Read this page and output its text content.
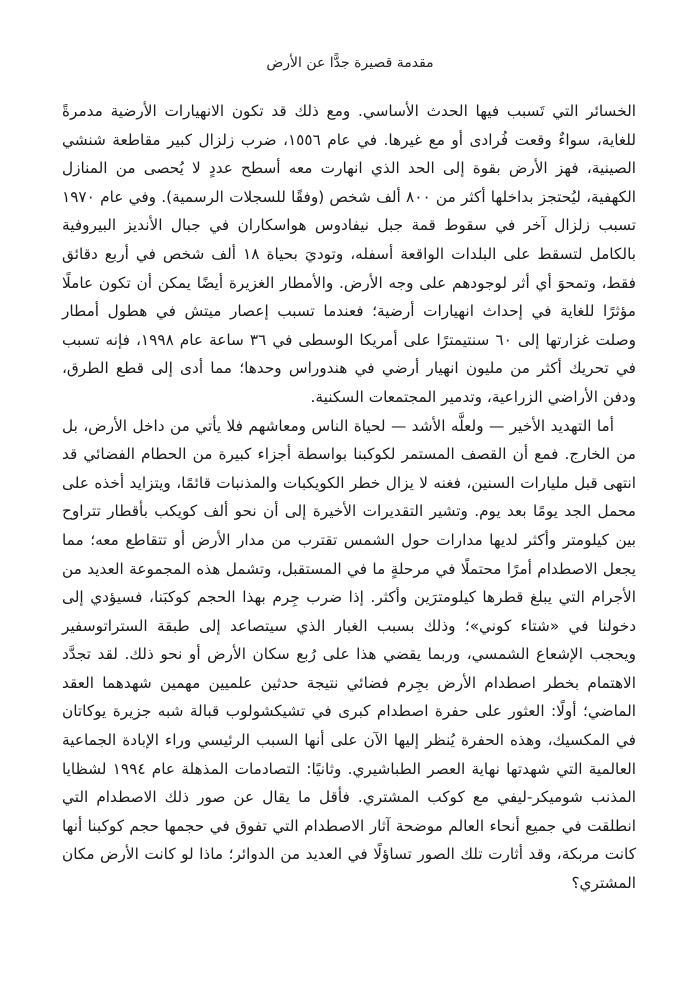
مقدمة قصيرة جدًّا عن الأرض

الخسائر التي تَسبب فيها الحدث الأساسي. ومع ذلك قد تكون الانهيارات الأرضية مدمرةً للغاية، سواءٌ وقعت فُرادى أو مع غيرها. في عام ١٥٥٦، ضرب زلزال كبير مقاطعة شنشي الصينية، فهز الأرض بقوة إلى الحد الذي انهارت معه أسطح عددٍ لا يُحصى من المنازل الكهفية، ليُحتجز بداخلها أكثر من ٨٠٠ ألف شخص (وفقًا للسجلات الرسمية). وفي عام ١٩٧٠ تسبب زلزال آخر في سقوط قمة جبل نيفادوس هواسكاران في جبال الأنديز البيروفية بالكامل لتسقط على البلدات الواقعة أسفله، وتوديَ بحياة ١٨ ألف شخص في أربع دقائق فقط، وتمحوَ أي أثر لوجودهم على وجه الأرض. والأمطار الغزيرة أيضًا يمكن أن تكون عاملًا مؤثرًا للغاية في إحداث انهيارات أرضية؛ فعندما تسبب إعصار ميتش في هطول أمطار وصلت غزارتها إلى ٦٠ سنتيمترًا على أمريكا الوسطى في ٣٦ ساعة عام ١٩٩٨، فإنه تسبب في تحريك أكثر من مليون انهيار أرضي في هندوراس وحدها؛ مما أدى إلى قطع الطرق، ودفن الأراضي الزراعية، وتدمير المجتمعات السكنية.

أما التهديد الأخير — ولعلَّه الأشد — لحياة الناس ومعاشهم فلا يأتي من داخل الأرض، بل من الخارج. فمع أن القصف المستمر لكوكبنا بواسطة أجزاء كبيرة من الحطام الفضائي قد انتهى قبل مليارات السنين، فغنه لا يزال خطر الكويكبات والمذنبات قائمًا، ويتزايد أخذه على محمل الجد يومًا بعد يوم. وتشير التقديرات الأخيرة إلى أن نحو ألف كويكب بأقطار تتراوح بين كيلومتر وأكثر لديها مدارات حول الشمس تقترب من مدار الأرض أو تتقاطع معه؛ مما يجعل الاصطدام أمرًا محتملًا في مرحلةٍ ما في المستقبل، وتشمل هذه المجموعة العديد من الأجرام التي يبلغ قطرها كيلومترَين وأكثر. إذا ضرب جِرم بهذا الحجم كوكبَنا، فسيؤدي إلى دخولنا في «شتاء كوني»؛ وذلك بسبب الغبار الذي سيتصاعد إلى طبقة الستراتوسفير ويحجب الإشعاع الشمسي، وربما يقضي هذا على رُبع سكان الأرض أو نحو ذلك. لقد تجدَّد الاهتمام بخطر اصطدام الأرض بجِرم فضائي نتيجة حدثين علميين مهمين شهدهما العقد الماضي؛ أولًا: العثور على حفرة اصطدام كبرى في تشيكشولوب قبالة شبه جزيرة يوكاتان في المكسيك، وهذه الحفرة يُنظر إليها الآن على أنها السبب الرئيسي وراء الإبادة الجماعية العالمية التي شهدتها نهاية العصر الطباشيري. وثانيًا: التصادمات المذهلة عام ١٩٩٤ لشظايا المذنب شوميكر-ليفي مع كوكب المشتري. فأقل ما يقال عن صور ذلك الاصطدام التي انطلقت في جميع أنحاء العالم موضحة آثار الاصطدام التي تفوق في حجمها حجم كوكبنا أنها كانت مربكة، وقد أثارت تلك الصور تساؤلًا في العديد من الدوائر؛ ماذا لو كانت الأرض مكان المشتري؟
